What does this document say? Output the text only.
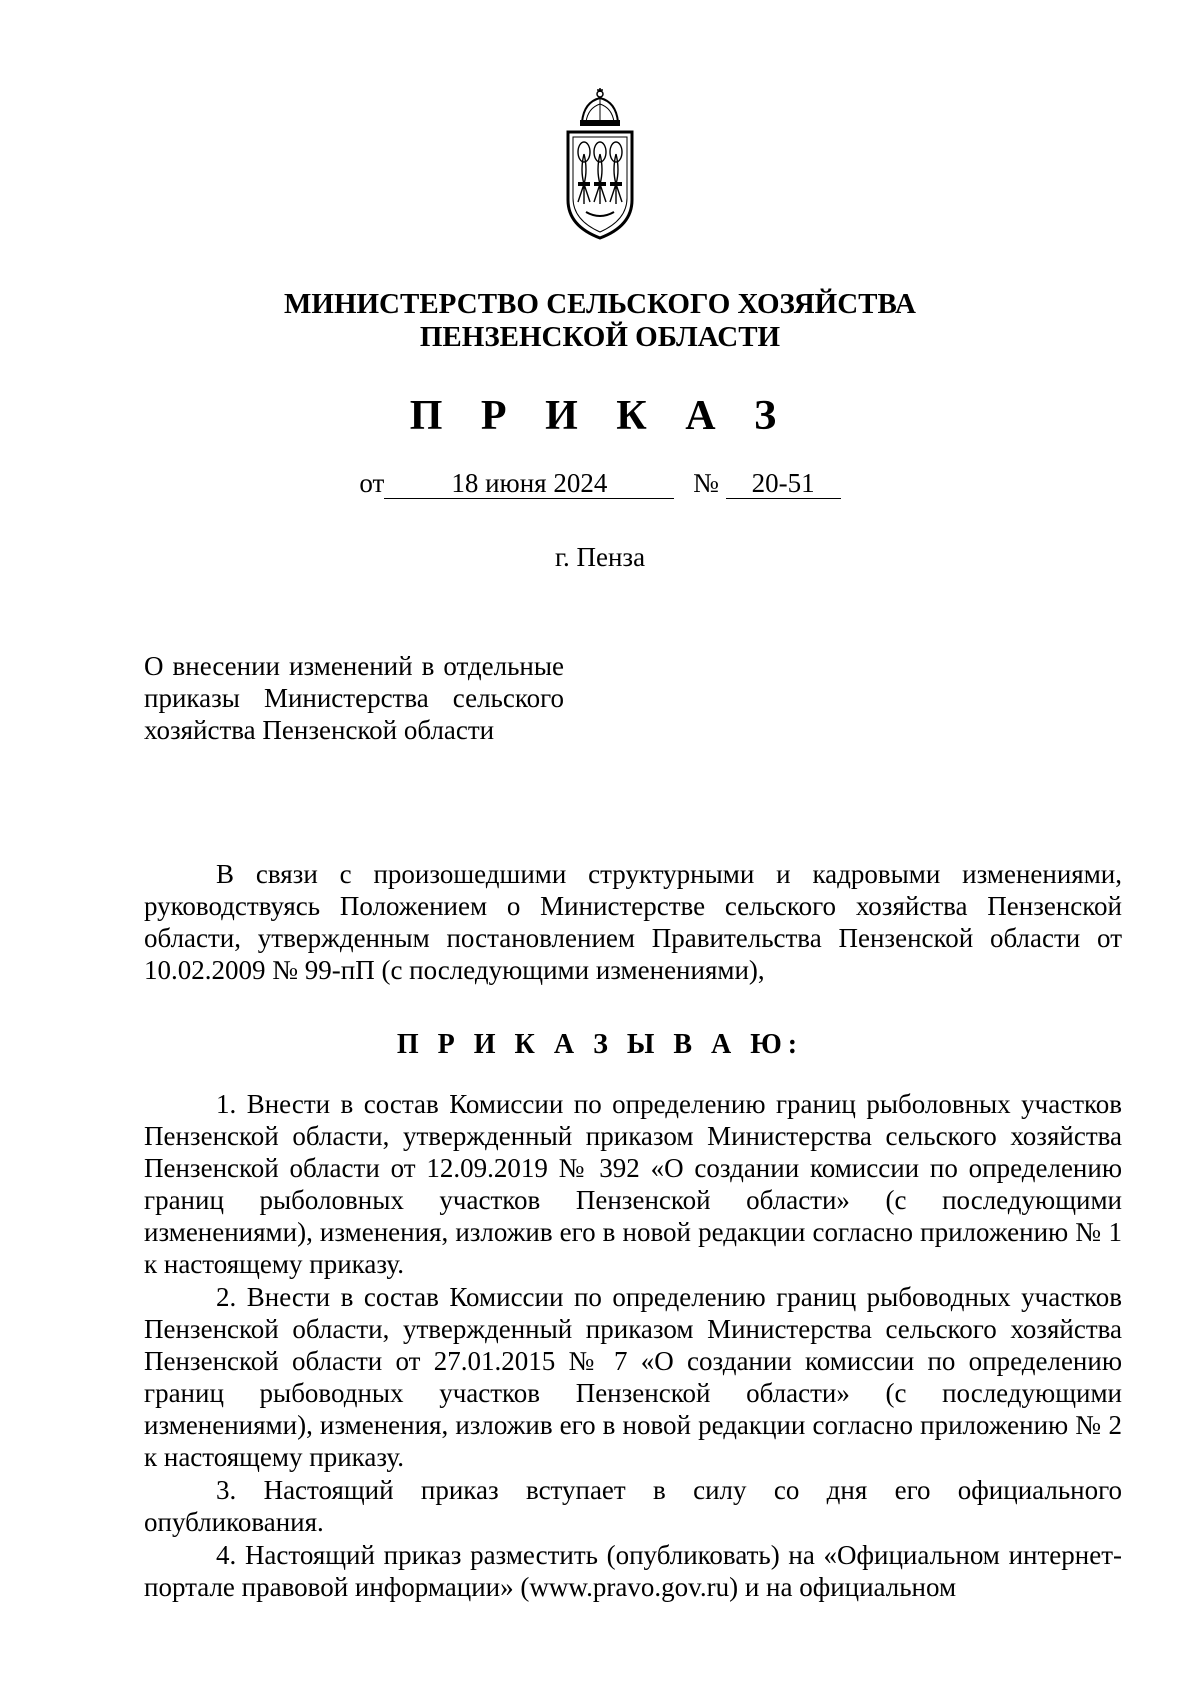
МИНИСТЕРСТВО СЕЛЬСКОГО ХОЗЯЙСТВА
ПЕНЗЕНСКОЙ ОБЛАСТИ
П Р И К А З
от 18 июня 2024	№ 20-51
г. Пенза
О внесении изменений в отдельные приказы Министерства сельского хозяйства Пензенской области
В связи с произошедшими структурными и кадровыми изменениями, руководствуясь Положением о Министерстве сельского хозяйства Пензенской области, утвержденным постановлением Правительства Пензенской области от 10.02.2009 № 99-пП (с последующими изменениями),
П Р И К А З Ы В А Ю:
1. Внести в состав Комиссии по определению границ рыболовных участков Пензенской области, утвержденный приказом Министерства сельского хозяйства Пензенской области от 12.09.2019 № 392 «О создании комиссии по определению границ рыболовных участков Пензенской области» (с последующими изменениями), изменения, изложив его в новой редакции согласно приложению № 1 к настоящему приказу.
2. Внести в состав Комиссии по определению границ рыбоводных участков Пензенской области, утвержденный приказом Министерства сельского хозяйства Пензенской области от 27.01.2015 № 7 «О создании комиссии по определению границ рыбоводных участков Пензенской области» (с последующими изменениями), изменения, изложив его в новой редакции согласно приложению № 2 к настоящему приказу.
3. Настоящий приказ вступает в силу со дня его официального опубликования.
4. Настоящий приказ разместить (опубликовать) на «Официальном интернет-портале правовой информации» (www.pravo.gov.ru) и на официальном
